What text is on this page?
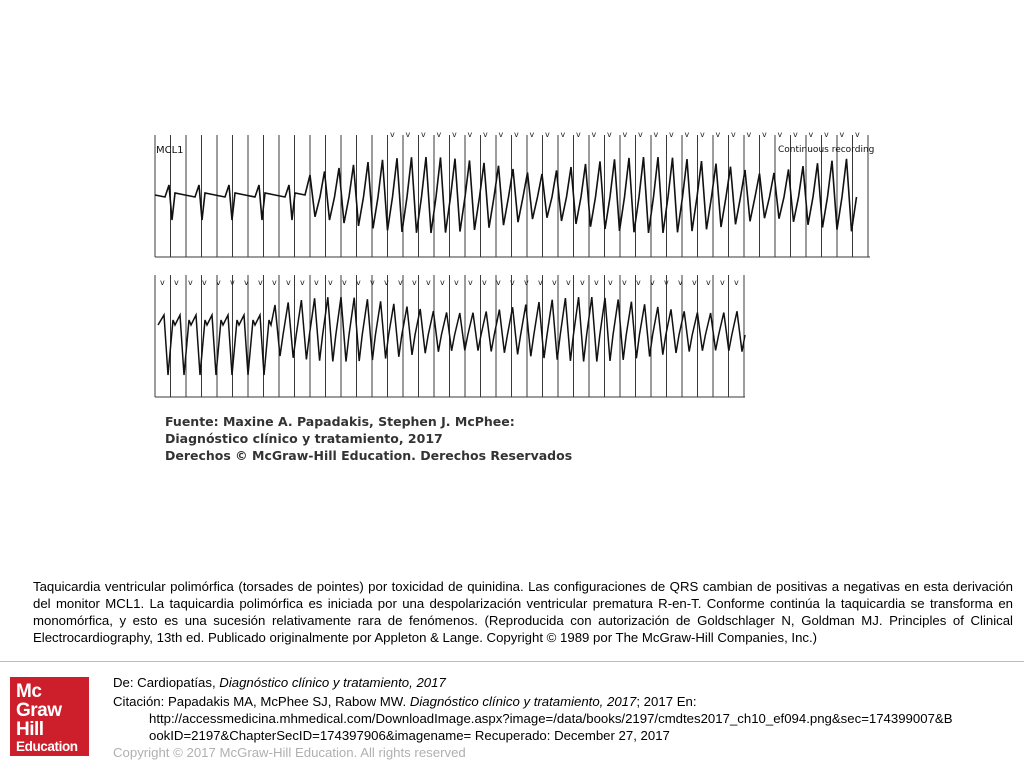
v v v v v v v v v v v v v v v v v v v v v v v v v v v v v v v
MCL1	Continuous recording
v v v v v v v v v v v v v v v v v v v v v v v v v v v v v v v v v v v v v v v v v v
Fuente: Maxine A. Papadakis, Stephen J. McPhee:
Diagnóstico clínico y tratamiento, 2017
Derechos © McGraw-Hill Education. Derechos Reservados
Taquicardia ventricular polimórfica (torsades de pointes) por toxicidad de quinidina. Las configuraciones de QRS cambian de positivas a negativas en esta derivación del monitor MCL1. La taquicardia polimórfica es iniciada por una despolarización ventricular prematura R-en-T. Conforme continúa la taquicardia se transforma en monomórfica, y esto es una sucesión relativamente rara de fenómenos. (Reproducida con autorización de Goldschlager N, Goldman MJ. Principles of Clinical Electrocardiography, 13th ed. Publicado originalmente por Appleton & Lange. Copyright © 1989 por The McGraw-Hill Companies, Inc.)
Mc
Graw
Hill
Education
De: Cardiopatías, Diagnóstico clínico y tratamiento, 2017
Citación: Papadakis MA, McPhee SJ, Rabow MW. Diagnóstico clínico y tratamiento, 2017; 2017 En:
http://accessmedicina.mhmedical.com/DownloadImage.aspx?image=/data/books/2197/cmdtes2017_ch10_ef094.png&sec=174399007&B
ookID=2197&ChapterSecID=174397906&imagename= Recuperado: December 27, 2017
Copyright © 2017 McGraw-Hill Education. All rights reserved
